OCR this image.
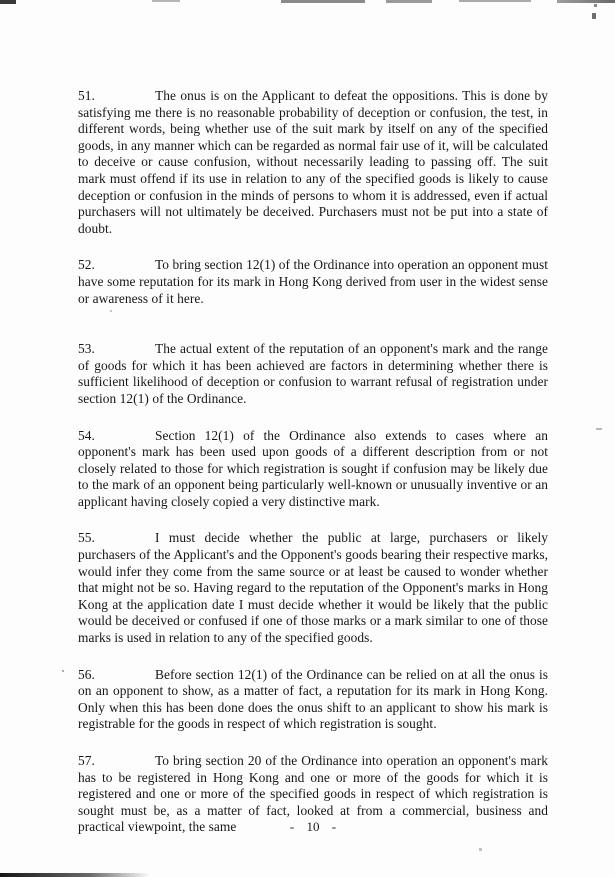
51.	The onus is on the Applicant to defeat the oppositions. This is done by satisfying me there is no reasonable probability of deception or confusion, the test, in different words, being whether use of the suit mark by itself on any of the specified goods, in any manner which can be regarded as normal fair use of it, will be calculated to deceive or cause confusion, without necessarily leading to passing off. The suit mark must offend if its use in relation to any of the specified goods is likely to cause deception or confusion in the minds of persons to whom it is addressed, even if actual purchasers will not ultimately be deceived. Purchasers must not be put into a state of doubt.

52.	To bring section 12(1) of the Ordinance into operation an opponent must have some reputation for its mark in Hong Kong derived from user in the widest sense or awareness of it here.

53.	The actual extent of the reputation of an opponent's mark and the range of goods for which it has been achieved are factors in determining whether there is sufficient likelihood of deception or confusion to warrant refusal of registration under section 12(1) of the Ordinance.

54.	Section 12(1) of the Ordinance also extends to cases where an opponent's mark has been used upon goods of a different description from or not closely related to those for which registration is sought if confusion may be likely due to the mark of an opponent being particularly well-known or unusually inventive or an applicant having closely copied a very distinctive mark.

55.	I must decide whether the public at large, purchasers or likely purchasers of the Applicant's and the Opponent's goods bearing their respective marks, would infer they come from the same source or at least be caused to wonder whether that might not be so. Having regard to the reputation of the Opponent's marks in Hong Kong at the application date I must decide whether it would be likely that the public would be deceived or confused if one of those marks or a mark similar to one of those marks is used in relation to any of the specified goods.

56.	Before section 12(1) of the Ordinance can be relied on at all the onus is on an opponent to show, as a matter of fact, a reputation for its mark in Hong Kong. Only when this has been done does the onus shift to an applicant to show his mark is registrable for the goods in respect of which registration is sought.

57.	To bring section 20 of the Ordinance into operation an opponent's mark has to be registered in Hong Kong and one or more of the goods for which it is registered and one or more of the specified goods in respect of which registration is sought must be, as a matter of fact, looked at from a commercial, business and practical viewpoint, the same	- 10 -
